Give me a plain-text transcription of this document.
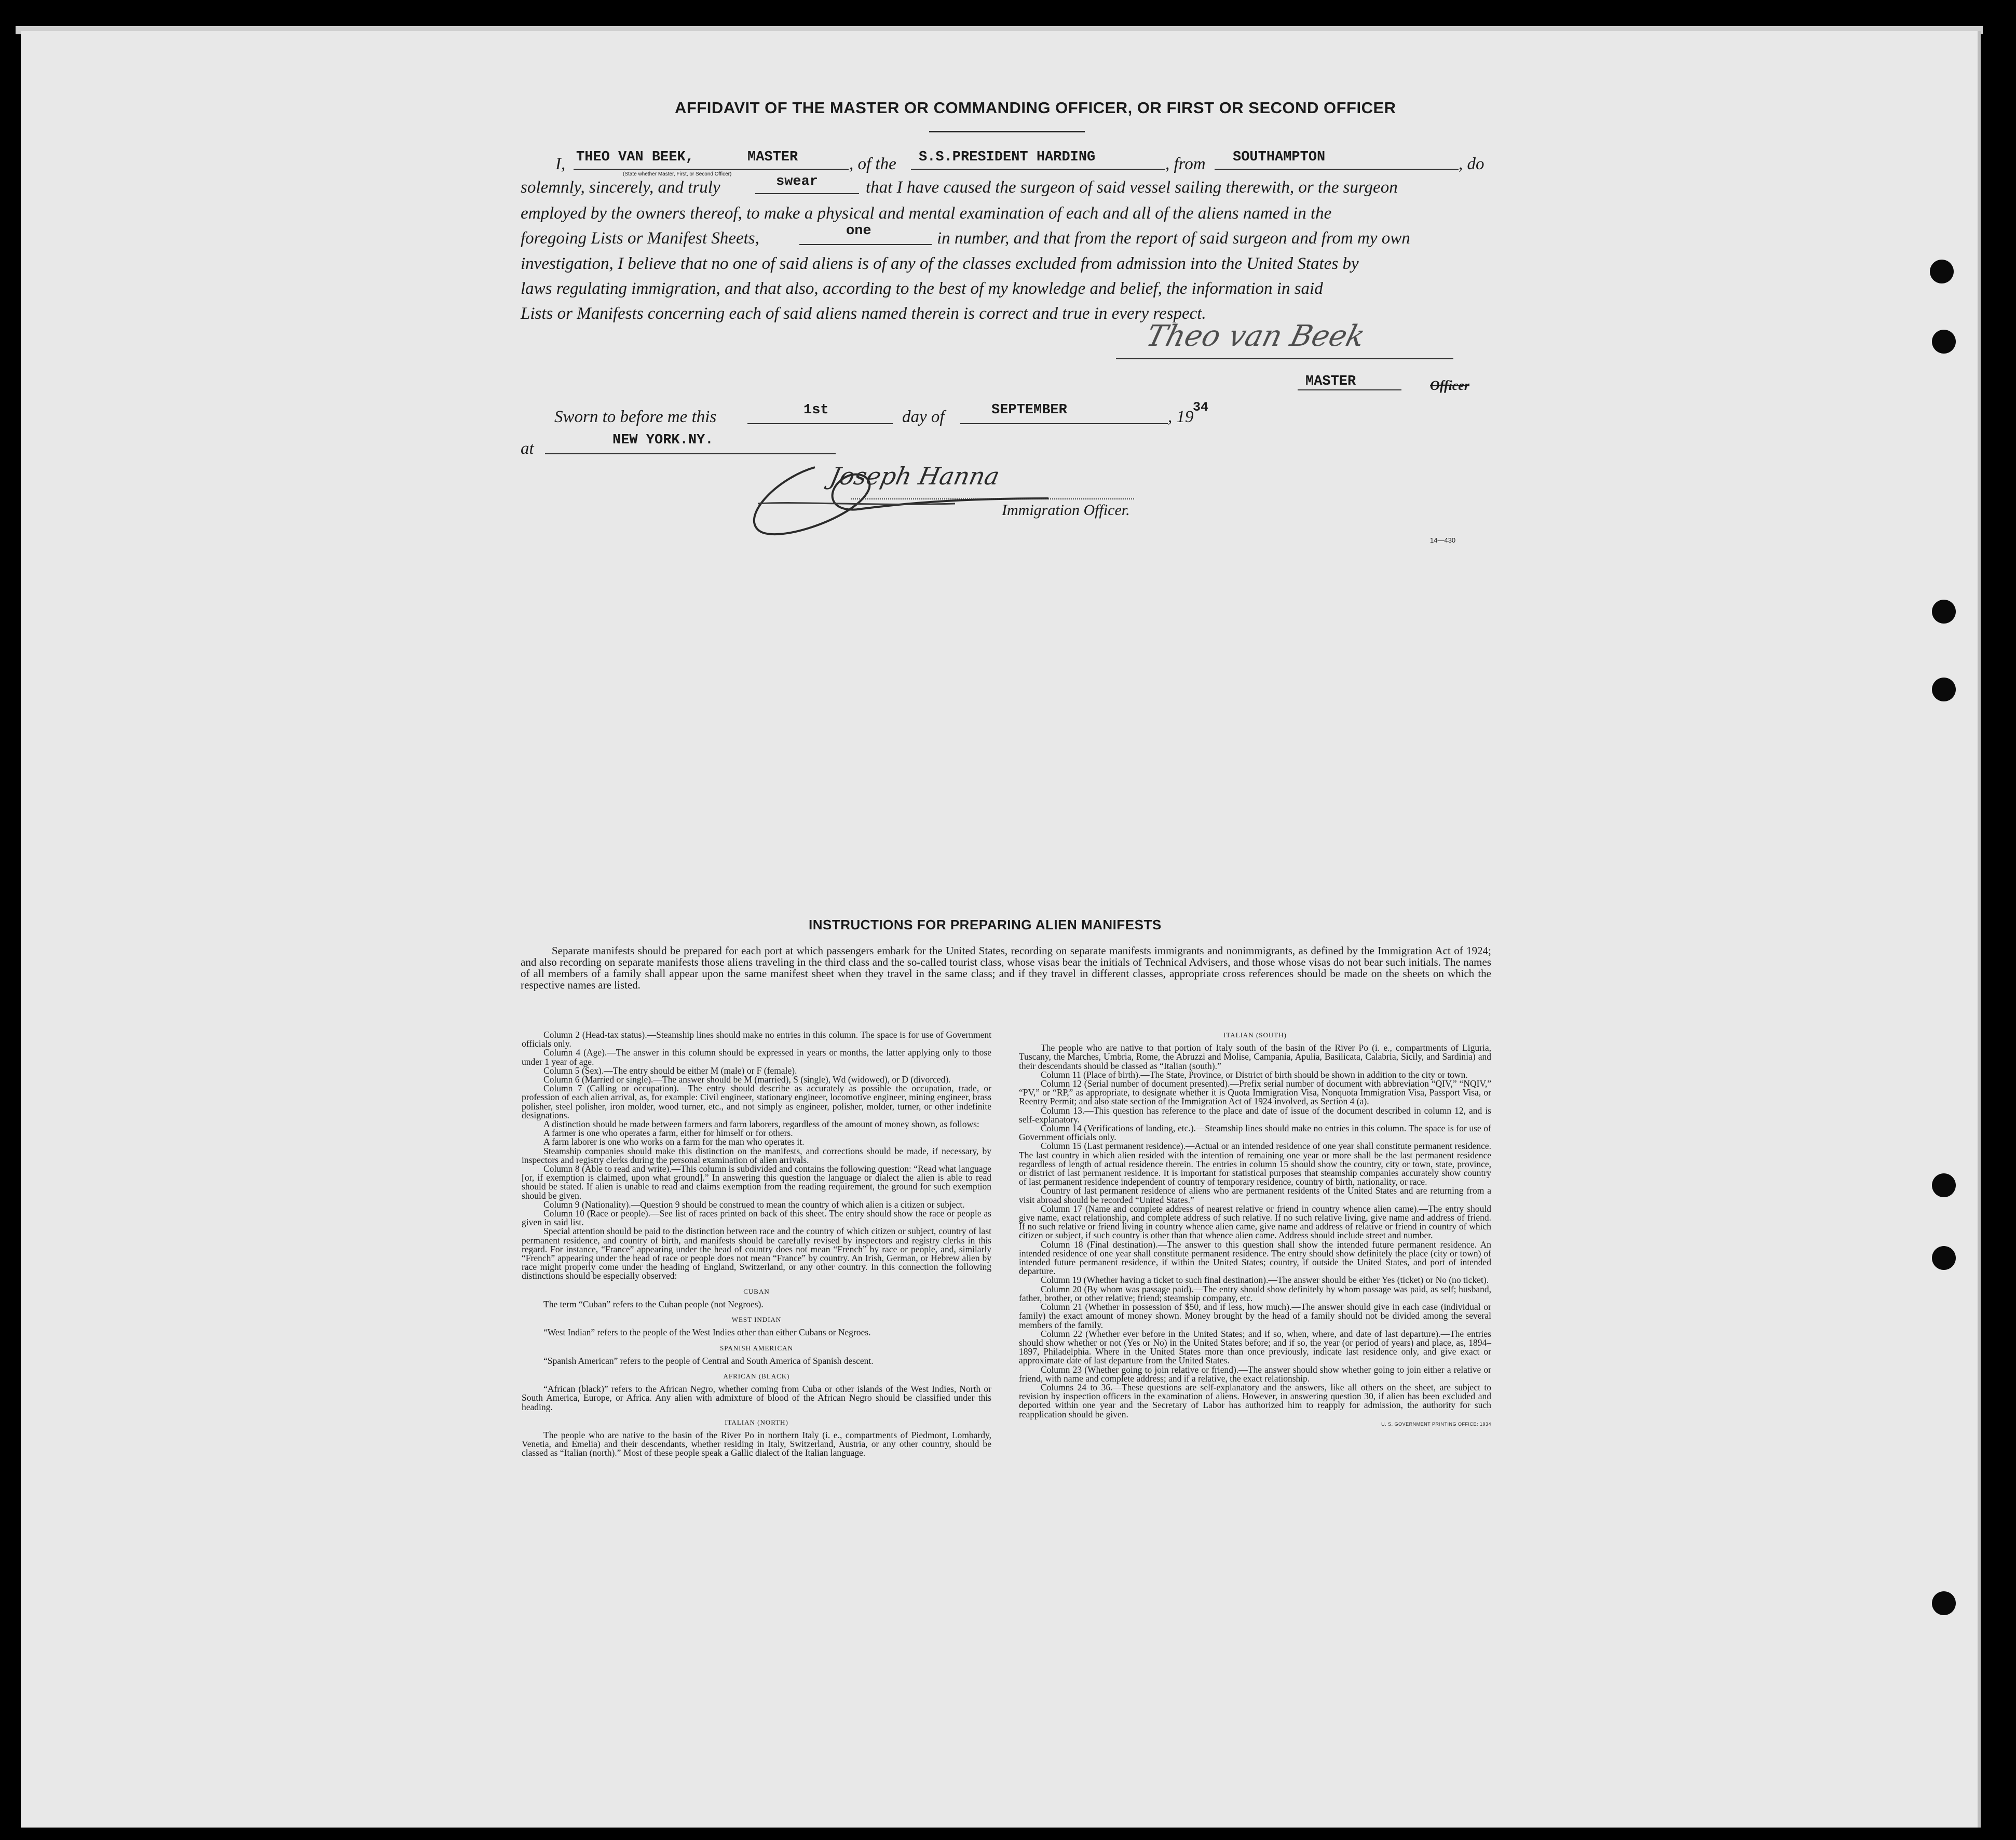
AFFIDAVIT OF THE MASTER OR COMMANDING OFFICER, OR FIRST OR SECOND OFFICER
I, THEO VAN BEEK,	MASTER
(State whether Master, First, or Second Officer)
, of the S.S.PRESIDENT HARDING	, from SOUTHAMPTON	, do
solemnly, sincerely, and truly	swear	that I have caused the surgeon of said vessel sailing therewith, or the surgeon
employed by the owners thereof, to make a physical and mental examination of each and all of the aliens named in the
foregoing Lists or Manifest Sheets,	one	in number, and that from the report of said surgeon and from my own
investigation, I believe that no one of said aliens is of any of the classes excluded from admission into the United States by
laws regulating immigration, and that also, according to the best of my knowledge and belief, the information in said
Lists or Manifests concerning each of said aliens named therein is correct and true in every respect.
Theo van Beek
MASTER	Officer
Sworn to before me this	1st	day of	SEPTEMBER	, 19
34
at	NEW YORK.NY.
Joseph Hanna
Immigration Officer.
14—430
INSTRUCTIONS FOR PREPARING ALIEN MANIFESTS
Separate manifests should be prepared for each port at which passengers embark for the United States, recording on separate manifests immigrants and nonimmigrants, as defined by the Immigration Act of 1924; and also recording on separate manifests those aliens traveling in the third class and the so-called tourist class, whose visas bear the initials of Technical Advisers, and those whose visas do not bear such initials. The names of all members of a family shall appear upon the same manifest sheet when they travel in the same class; and if they travel in different classes, appropriate cross references should be made on the sheets on which the respective names are listed.

Column 2 (Head-tax status).—Steamship lines should make no entries in this column. The space is for use of Government officials only.

Column 4 (Age).—The answer in this column should be expressed in years or months, the latter applying only to those under 1 year of age.

Column 5 (Sex).—The entry should be either M (male) or F (female).

Column 6 (Married or single).—The answer should be M (married), S (single), Wd (widowed), or D (divorced).

Column 7 (Calling or occupation).—The entry should describe as accurately as possible the occupation, trade, or profession of each alien arrival, as, for example: Civil engineer, stationary engineer, locomotive engineer, mining engineer, brass polisher, steel polisher, iron molder, wood turner, etc., and not simply as engineer, polisher, molder, turner, or other indefinite designations.

A distinction should be made between farmers and farm laborers, regardless of the amount of money shown, as follows:

A farmer is one who operates a farm, either for himself or for others.

A farm laborer is one who works on a farm for the man who operates it.

Steamship companies should make this distinction on the manifests, and corrections should be made, if necessary, by inspectors and registry clerks during the personal examination of alien arrivals.

Column 8 (Able to read and write).—This column is subdivided and contains the following question: “Read what language [or, if exemption is claimed, upon what ground].” In answering this question the language or dialect the alien is able to read should be stated. If alien is unable to read and claims exemption from the reading requirement, the ground for such exemption should be given.

Column 9 (Nationality).—Question 9 should be construed to mean the country of which alien is a citizen or subject.

Column 10 (Race or people).—See list of races printed on back of this sheet. The entry should show the race or people as given in said list.

Special attention should be paid to the distinction between race and the country of which citizen or subject, country of last permanent residence, and country of birth, and manifests should be carefully revised by inspectors and registry clerks in this regard. For instance, “France” appearing under the head of country does not mean “French” by race or people, and, similarly “French” appearing under the head of race or people does not mean “France” by country. An Irish, German, or Hebrew alien by race might properly come under the heading of England, Switzerland, or any other country. In this connection the following distinctions should be especially observed:

CUBAN

The term “Cuban” refers to the Cuban people (not Negroes).

WEST INDIAN

“West Indian” refers to the people of the West Indies other than either Cubans or Negroes.

SPANISH AMERICAN

“Spanish American” refers to the people of Central and South America of Spanish descent.

AFRICAN (BLACK)

“African (black)” refers to the African Negro, whether coming from Cuba or other islands of the West Indies, North or South America, Europe, or Africa. Any alien with admixture of blood of the African Negro should be classified under this heading.

ITALIAN (NORTH)

The people who are native to the basin of the River Po in northern Italy (i. e., compartments of Piedmont, Lombardy, Venetia, and Emelia) and their descendants, whether residing in Italy, Switzerland, Austria, or any other country, should be classed as “Italian (north).” Most of these people speak a Gallic dialect of the Italian language.

ITALIAN (SOUTH)

The people who are native to that portion of Italy south of the basin of the River Po (i. e., compartments of Liguria, Tuscany, the Marches, Umbria, Rome, the Abruzzi and Molise, Campania, Apulia, Basilicata, Calabria, Sicily, and Sardinia) and their descendants should be classed as “Italian (south).”

Column 11 (Place of birth).—The State, Province, or District of birth should be shown in addition to the city or town.

Column 12 (Serial number of document presented).—Prefix serial number of document with abbreviation “QIV,” “NQIV,” “PV,” or “RP,” as appropriate, to designate whether it is Quota Immigration Visa, Nonquota Immigration Visa, Passport Visa, or Reentry Permit; and also state section of the Immigration Act of 1924 involved, as Section 4 (a).

Column 13.—This question has reference to the place and date of issue of the document described in column 12, and is self-explanatory.

Column 14 (Verifications of landing, etc.).—Steamship lines should make no entries in this column. The space is for use of Government officials only.

Column 15 (Last permanent residence).—Actual or an intended residence of one year shall constitute permanent residence. The last country in which alien resided with the intention of remaining one year or more shall be the last permanent residence regardless of length of actual residence therein. The entries in column 15 should show the country, city or town, state, province, or district of last permanent residence. It is important for statistical purposes that steamship companies accurately show country of last permanent residence independent of country of temporary residence, country of birth, nationality, or race.

Country of last permanent residence of aliens who are permanent residents of the United States and are returning from a visit abroad should be recorded “United States.”

Column 17 (Name and complete address of nearest relative or friend in country whence alien came).—The entry should give name, exact relationship, and complete address of such relative. If no such relative living, give name and address of friend. If no such relative or friend living in country whence alien came, give name and address of relative or friend in country of which citizen or subject, if such country is other than that whence alien came. Address should include street and number.

Column 18 (Final destination).—The answer to this question shall show the intended future permanent residence. An intended residence of one year shall constitute permanent residence. The entry should show definitely the place (city or town) of intended future permanent residence, if within the United States; country, if outside the United States, and port of intended departure.

Column 19 (Whether having a ticket to such final destination).—The answer should be either Yes (ticket) or No (no ticket).

Column 20 (By whom was passage paid).—The entry should show definitely by whom passage was paid, as self; husband, father, brother, or other relative; friend; steamship company, etc.

Column 21 (Whether in possession of $50, and if less, how much).—The answer should give in each case (individual or family) the exact amount of money shown. Money brought by the head of a family should not be divided among the several members of the family.

Column 22 (Whether ever before in the United States; and if so, when, where, and date of last departure).—The entries should show whether or not (Yes or No) in the United States before; and if so, the year (or period of years) and place, as, 1894–1897, Philadelphia. Where in the United States more than once previously, indicate last residence only, and give exact or approximate date of last departure from the United States.

Column 23 (Whether going to join relative or friend).—The answer should show whether going to join either a relative or friend, with name and complete address; and if a relative, the exact relationship.

Columns 24 to 36.—These questions are self-explanatory and the answers, like all others on the sheet, are subject to revision by inspection officers in the examination of aliens. However, in answering question 30, if alien has been excluded and deported within one year and the Secretary of Labor has authorized him to reapply for admission, the authority for such reapplication should be given.

U. S. GOVERNMENT PRINTING OFFICE: 1934
